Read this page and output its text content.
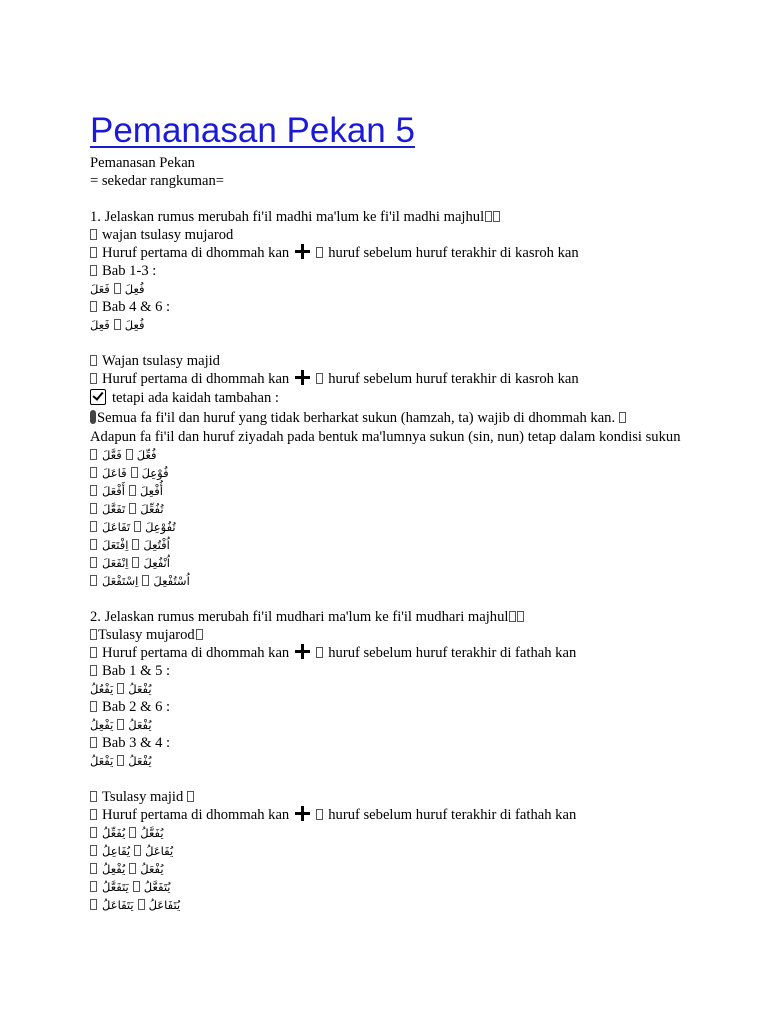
Pemanasan Pekan 5
Pemanasan Pekan
= sekedar rangkuman=
1. Jelaskan rumus merubah fi'il madhi ma'lum ke fi'il madhi majhul
wajan tsulasy mujarod
Huruf pertama di dhommah kan	huruf sebelum huruf terakhir di kasroh kan
Bab 1-3 :
فَعَلَ فُعِلَ
Bab 4 & 6 :
فَعِلَ فُعِلَ
Wajan tsulasy majid
Huruf pertama di dhommah kan	huruf sebelum huruf terakhir di kasroh kan
tetapi ada kaidah tambahan :
Semua fa fi'il dan huruf yang tidak berharkat sukun (hamzah, ta) wajib di dhommah kan.
Adapun fa fi'il dan huruf ziyadah pada bentuk ma'lumnya sukun (sin, nun) tetap dalam kondisi sukun
فَعَّلَ فُعِّلَ
فَاعَلَ فُوْعِلَ
أَفْعَلَ أُفْعِلَ
تَفَعَّلَ تُفُعِّلَ
تَفَاعَلَ تُفُوْعِلَ
اِفْتَعَلَ اُفْتُعِلَ
اِنْفَعَلَ اُنْفُعِلَ
اِسْتَفْعَلَ اُسْتُفْعِلَ
2. Jelaskan rumus merubah fi'il mudhari ma'lum ke fi'il mudhari majhul
Tsulasy mujarod
Huruf pertama di dhommah kan	huruf sebelum huruf terakhir di fathah kan
Bab 1 & 5 :
يَفْعُلُ يُفْعَلُ
Bab 2 & 6 :
يَفْعِلُ يُفْعَلُ
Bab 3 & 4 :
يَفْعَلُ يُفْعَلُ
Tsulasy majid
Huruf pertama di dhommah kan	huruf sebelum huruf terakhir di fathah kan
يُفَعِّلُ يُفَعَّلُ
يُفَاعِلُ يُفَاعَلُ
يُفْعِلُ يُفْعَلُ
يَتَفَعَّلُ يُتَفَعَّلُ
يَتَفَاعَلُ يُتَفَاعَلُ
